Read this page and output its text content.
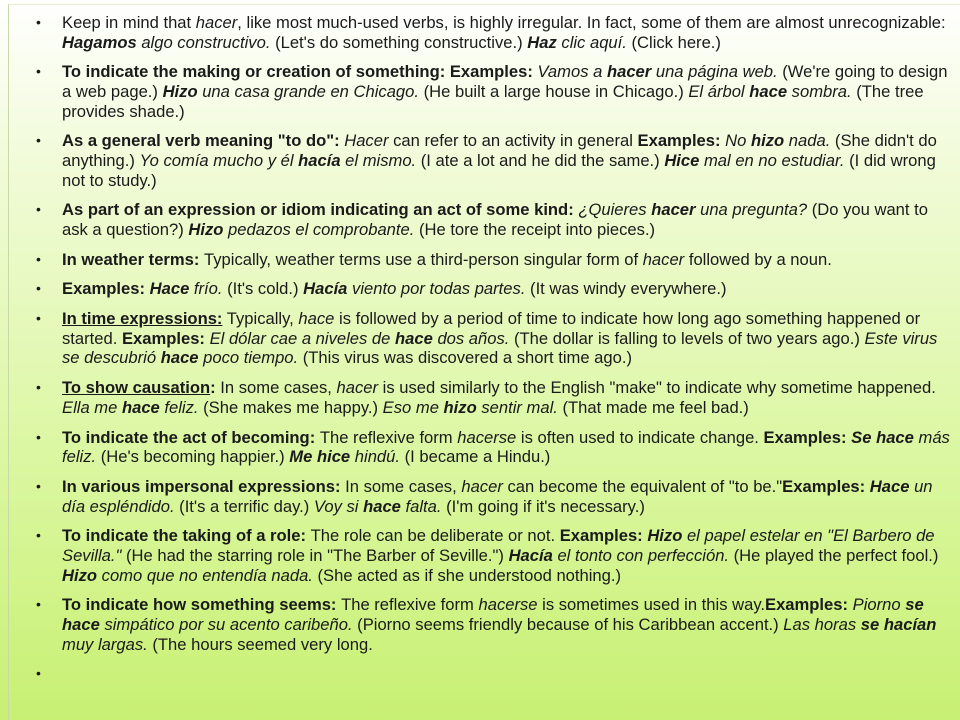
• Keep in mind that hacer, like most much-used verbs, is highly irregular. In fact, some of them are almost unrecognizable: Hagamos algo constructivo. (Let's do something constructive.) Haz clic aquí. (Click here.)
• To indicate the making or creation of something: Examples: Vamos a hacer una página web. (We're going to design a web page.) Hizo una casa grande en Chicago. (He built a large house in Chicago.) El árbol hace sombra. (The tree provides shade.)
• As a general verb meaning "to do": Hacer can refer to an activity in general Examples: No hizo nada. (She didn't do anything.) Yo comía mucho y él hacía el mismo. (I ate a lot and he did the same.) Hice mal en no estudiar. (I did wrong not to study.)
• As part of an expression or idiom indicating an act of some kind: ¿Quieres hacer una pregunta? (Do you want to ask a question?) Hizo pedazos el comprobante. (He tore the receipt into pieces.)
• In weather terms: Typically, weather terms use a third-person singular form of hacer followed by a noun.
• Examples: Hace frío. (It's cold.) Hacía viento por todas partes. (It was windy everywhere.)
• In time expressions: Typically, hace is followed by a period of time to indicate how long ago something happened or started. Examples: El dólar cae a niveles de hace dos años. (The dollar is falling to levels of two years ago.) Este virus se descubrió hace poco tiempo. (This virus was discovered a short time ago.)
• To show causation: In some cases, hacer is used similarly to the English "make" to indicate why sometime happened. Ella me hace feliz. (She makes me happy.) Eso me hizo sentir mal. (That made me feel bad.)
• To indicate the act of becoming: The reflexive form hacerse is often used to indicate change. Examples: Se hace más feliz. (He's becoming happier.) Me hice hindú. (I became a Hindu.)
• In various impersonal expressions: In some cases, hacer can become the equivalent of "to be."Examples: Hace un día espléndido. (It's a terrific day.) Voy si hace falta. (I'm going if it's necessary.)
• To indicate the taking of a role: The role can be deliberate or not. Examples: Hizo el papel estelar en "El Barbero de Sevilla." (He had the starring role in "The Barber of Seville.") Hacía el tonto con perfección. (He played the perfect fool.) Hizo como que no entendía nada. (She acted as if she understood nothing.)
• To indicate how something seems: The reflexive form hacerse is sometimes used in this way.Examples: Piorno se hace simpático por su acento caribeño. (Piorno seems friendly because of his Caribbean accent.) Las horas se hacían muy largas. (The hours seemed very long.
•
